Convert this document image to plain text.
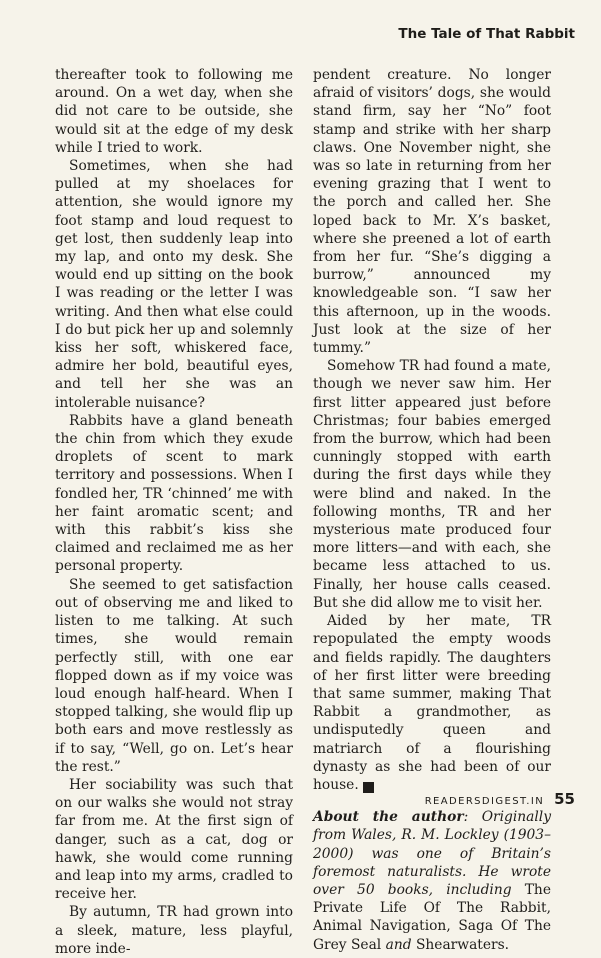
The Tale of That Rabbit

thereafter took to following me around. On a wet day, when she did not care to be outside, she would sit at the edge of my desk while I tried to work.

Sometimes, when she had pulled at my shoelaces for attention, she would ignore my foot stamp and loud request to get lost, then suddenly leap into my lap, and onto my desk. She would end up sitting on the book I was reading or the letter I was writing. And then what else could I do but pick her up and solemnly kiss her soft, whiskered face, admire her bold, beautiful eyes, and tell her she was an intolerable nuisance?

Rabbits have a gland beneath the chin from which they exude droplets of scent to mark territory and possessions. When I fondled her, TR ‘chinned’ me with her faint aromatic scent; and with this rabbit’s kiss she claimed and reclaimed me as her personal property.

She seemed to get satisfaction out of observing me and liked to listen to me talking. At such times, she would remain perfectly still, with one ear flopped down as if my voice was loud enough half-heard. When I stopped talking, she would flip up both ears and move restlessly as if to say, “Well, go on. Let’s hear the rest.”

Her sociability was such that on our walks she would not stray far from me. At the first sign of danger, such as a cat, dog or hawk, she would come running and leap into my arms, cradled to receive her.

By autumn, TR had grown into a sleek, mature, less playful, more inde-

pendent creature. No longer afraid of visitors’ dogs, she would stand firm, say her “No” foot stamp and strike with her sharp claws. One November night, she was so late in returning from her evening grazing that I went to the porch and called her. She loped back to Mr. X’s basket, where she preened a lot of earth from her fur. “She’s digging a burrow,” announced my knowledgeable son. “I saw her this afternoon, up in the woods. Just look at the size of her tummy.”

Somehow TR had found a mate, though we never saw him. Her first litter appeared just before Christmas; four babies emerged from the burrow, which had been cunningly stopped with earth during the first days while they were blind and naked. In the following months, TR and her mysterious mate produced four more litters—and with each, she became less attached to us. Finally, her house calls ceased. But she did allow me to visit her.

Aided by her mate, TR repopulated the empty woods and fields rapidly. The daughters of her first litter were breeding that same summer, making That Rabbit a grandmother, as undisputedly queen and matriarch of a flourishing dynasty as she had been of our house. R

About the author: Originally from Wales, R. M. Lockley (1903–2000) was one of Britain’s foremost naturalists. He wrote over 50 books, including The Private Life Of The Rabbit, Animal Navigation, Saga Of The Grey Seal and Shearwaters.

READERSDIGEST.IN 55
